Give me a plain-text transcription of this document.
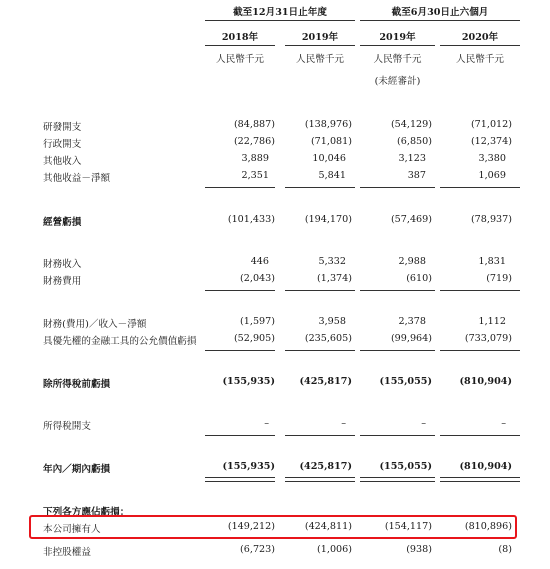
截至12月31日止年度	截至6月30日止六個月
2018年	2019年	2019年	2020年
人民幣千元	人民幣千元	人民幣千元	人民幣千元
(未經審計)
研發開支	(84,887)	(138,976)	(54,129)	(71,012)
行政開支	(22,786)	(71,081)	(6,850)	(12,374)
其他收入	3,889	10,046	3,123	3,380
其他收益－淨額	2,351	5,841	387	1,069
經營虧損	(101,433)	(194,170)	(57,469)	(78,937)
財務收入	446	5,332	2,988	1,831
財務費用	(2,043)	(1,374)	(610)	(719)
財務(費用)／收入－淨額	(1,597)	3,958	2,378	1,112
具優先權的金融工具的公允價值虧損	(52,905)	(235,605)	(99,964)	(733,079)
除所得稅前虧損	(155,935)	(425,817)	(155,055)	(810,904)
所得稅開支	–	–	–	–
年內／期內虧損	(155,935)	(425,817)	(155,055)	(810,904)
下列各方應佔虧損：
本公司擁有人	(149,212)	(424,811)	(154,117)	(810,896)
非控股權益	(6,723)	(1,006)	(938)	(8)
